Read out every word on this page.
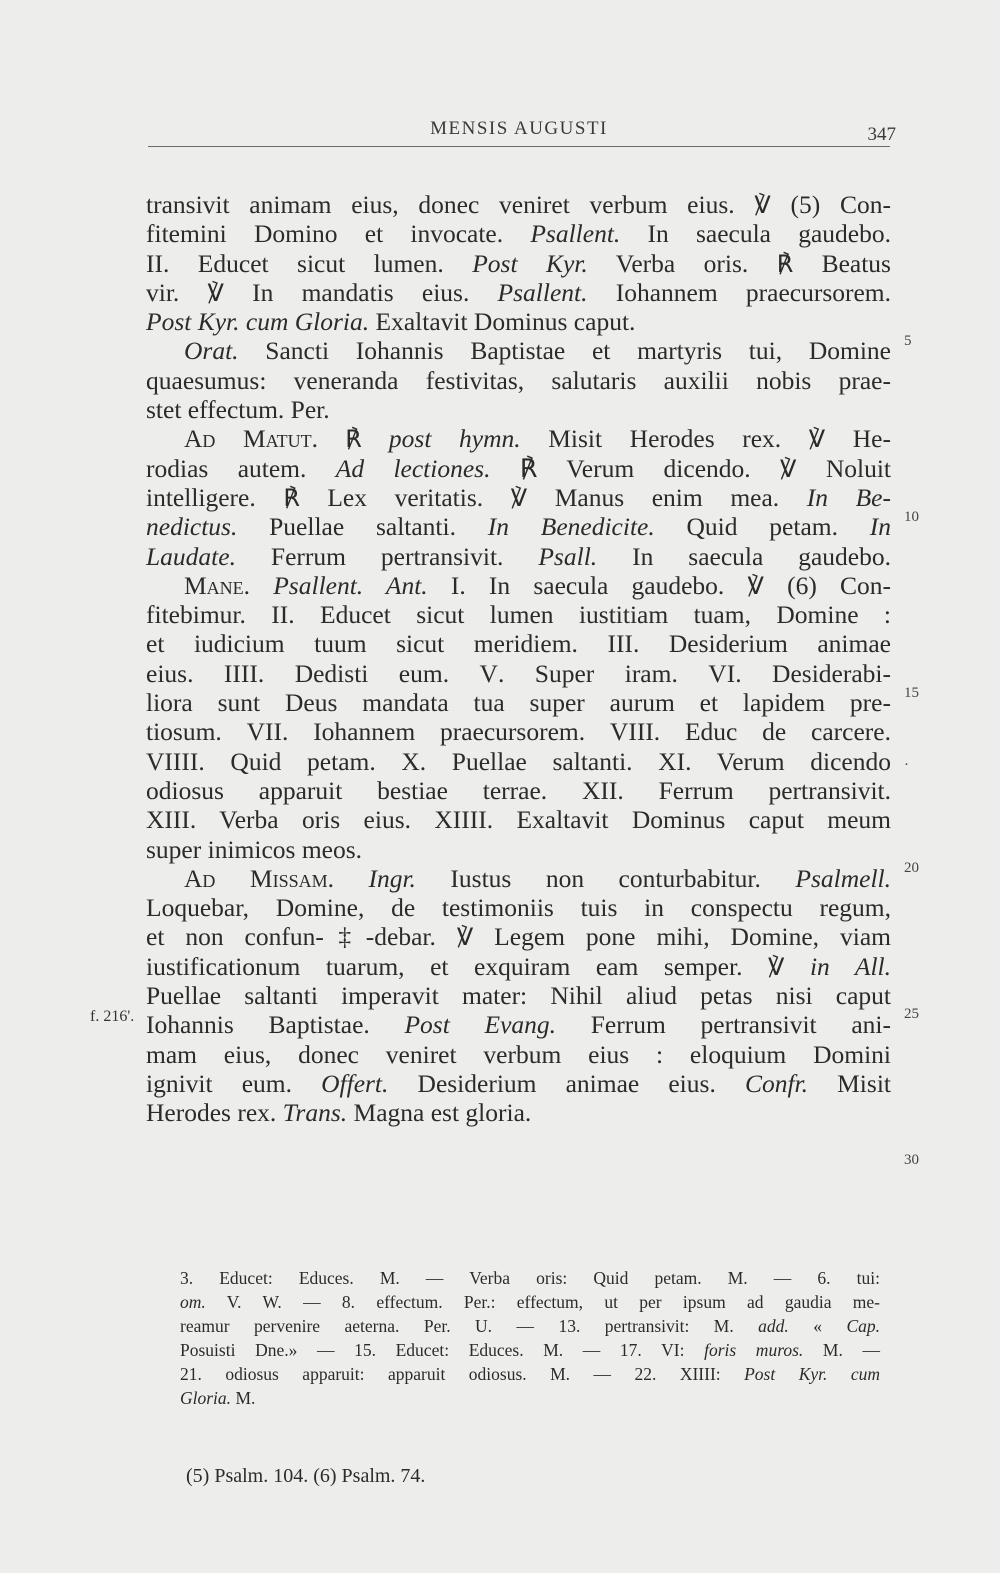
MENSIS AUGUSTI	347
transivit animam eius, donec veniret verbum eius. ℣ (5) Con-
fitemini Domino et invocate. Psallent. In saecula gaudebo.
II. Educet sicut lumen. Post Kyr. Verba oris. ℟ Beatus
vir. ℣ In mandatis eius. Psallent. Iohannem praecursorem.
Post Kyr. cum Gloria. Exaltavit Dominus caput.
Orat. Sancti Iohannis Baptistae et martyris tui, Domine
quaesumus: veneranda festivitas, salutaris auxilii nobis prae-
stet effectum. Per.
Ad Matut. ℟ post hymn. Misit Herodes rex. ℣ He-
rodias autem. Ad lectiones. ℟ Verum dicendo. ℣ Noluit
intelligere. ℟ Lex veritatis. ℣ Manus enim mea. In Be-
nedictus. Puellae saltanti. In Benedicite. Quid petam. In
Laudate. Ferrum pertransivit. Psall. In saecula gaudebo.
Mane. Psallent. Ant. I. In saecula gaudebo. ℣ (6) Con-
fitebimur. II. Educet sicut lumen iustitiam tuam, Domine :
et iudicium tuum sicut meridiem. III. Desiderium animae
eius. IIII. Dedisti eum. V. Super iram. VI. Desiderabi-
liora sunt Deus mandata tua super aurum et lapidem pre-
tiosum. VII. Iohannem praecursorem. VIII. Educ de carcere.
VIIII. Quid petam. X. Puellae saltanti. XI. Verum dicendo
odiosus apparuit bestiae terrae. XII. Ferrum pertransivit.
XIII. Verba oris eius. XIIII. Exaltavit Dominus caput meum
super inimicos meos.
Ad Missam. Ingr. Iustus non conturbabitur. Psalmell.
Loquebar, Domine, de testimoniis tuis in conspectu regum,
et non confun-‡-debar. ℣ Legem pone mihi, Domine, viam
iustificationum tuarum, et exquiram eam semper. ℣ in All.
Puellae saltanti imperavit mater: Nihil aliud petas nisi caput
Iohannis Baptistae. Post Evang. Ferrum pertransivit ani-
mam eius, donec veniret verbum eius : eloquium Domini
ignivit eum. Offert. Desiderium animae eius. Confr. Misit
Herodes rex. Trans. Magna est gloria.
5
10
15
·
20
25
30
f. 216'.
3. Educet: Educes. M. — Verba oris: Quid petam. M. — 6. tui:
om. V. W. — 8. effectum. Per.: effectum, ut per ipsum ad gaudia me-
reamur pervenire aeterna. Per. U. — 13. pertransivit: M. add. « Cap.
Posuisti Dne.» — 15. Educet: Educes. M. — 17. VI: foris muros. M. —
21. odiosus apparuit: apparuit odiosus. M. — 22. XIIII: Post Kyr. cum
Gloria. M.
(5) Psalm. 104. (6) Psalm. 74.
